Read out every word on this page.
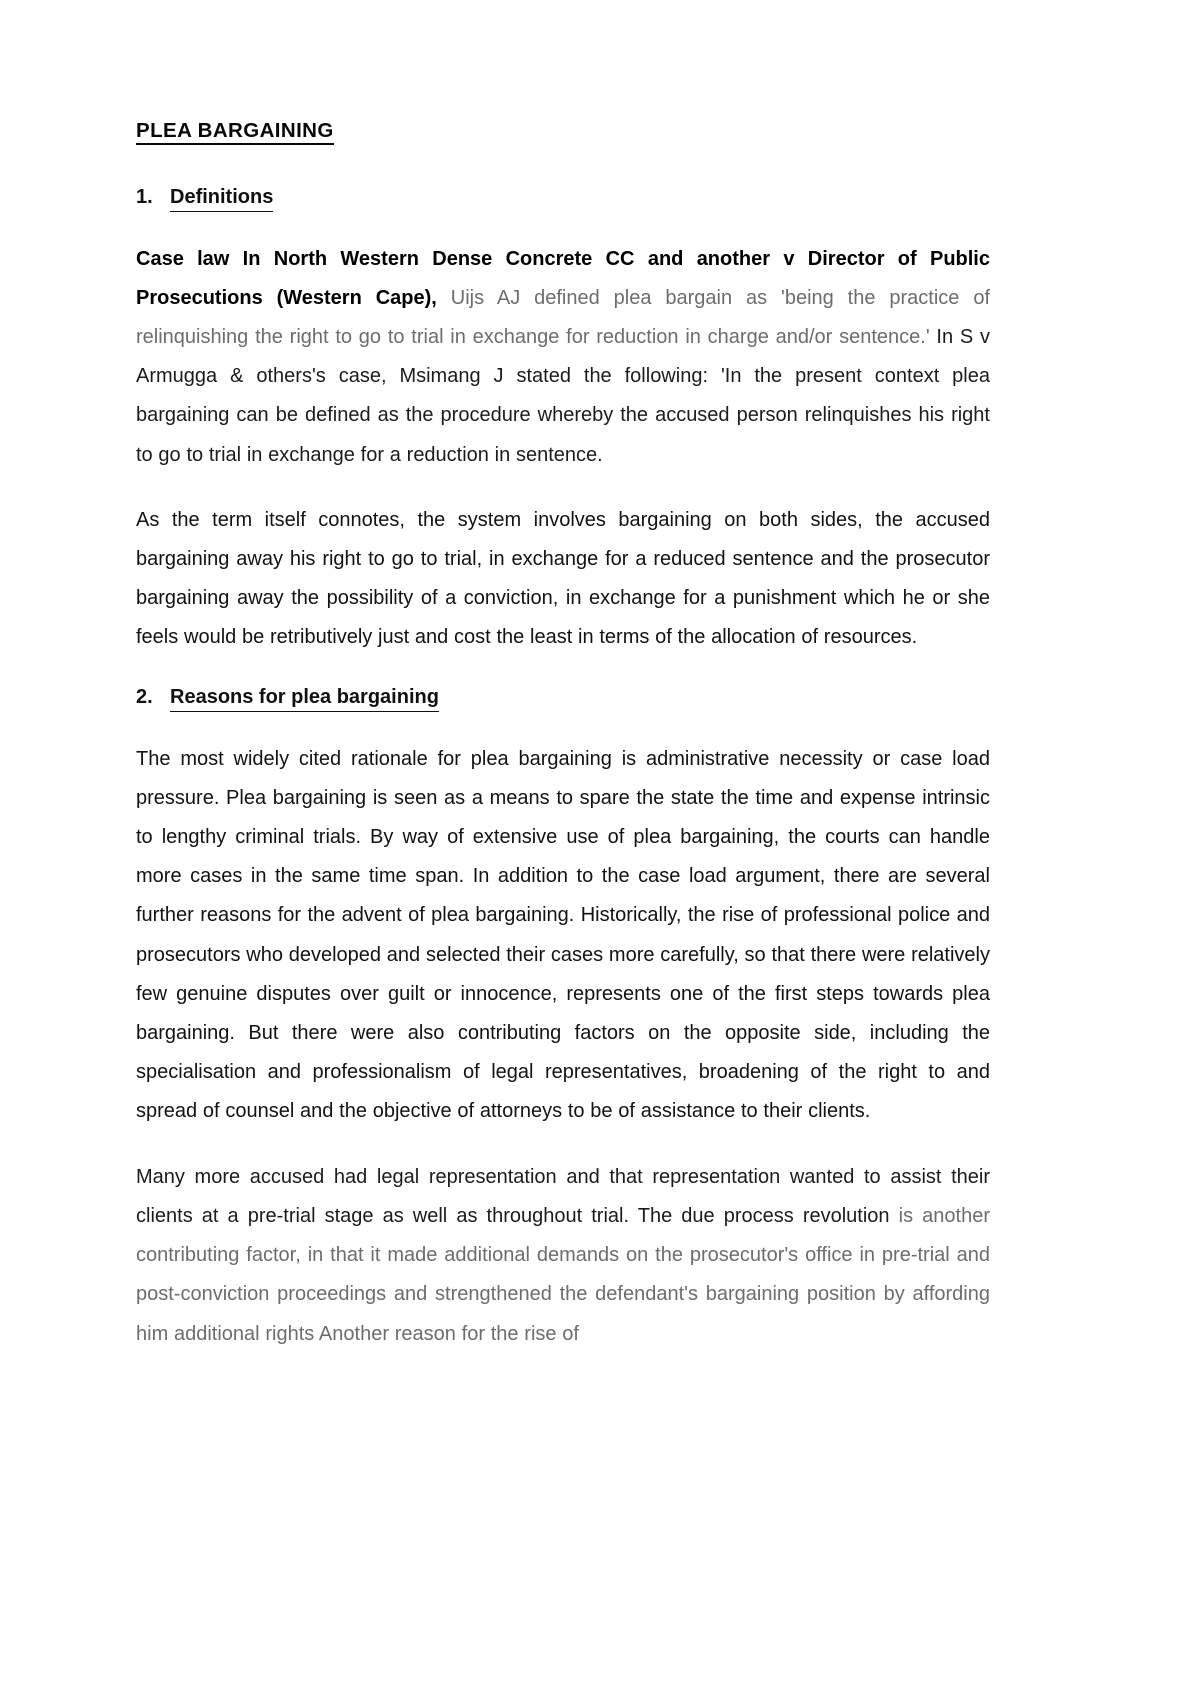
PLEA BARGAINING
1. Definitions

Case law In North Western Dense Concrete CC and another v Director of Public Prosecutions (Western Cape), Uijs AJ defined plea bargain as 'being the practice of relinquishing the right to go to trial in exchange for reduction in charge and/or sentence.' In S v Armugga & others's case, Msimang J stated the following: 'In the present context plea bargaining can be defined as the procedure whereby the accused person relinquishes his right to go to trial in exchange for a reduction in sentence.

As the term itself connotes, the system involves bargaining on both sides, the accused bargaining away his right to go to trial, in exchange for a reduced sentence and the prosecutor bargaining away the possibility of a conviction, in exchange for a punishment which he or she feels would be retributively just and cost the least in terms of the allocation of resources.

2. Reasons for plea bargaining

The most widely cited rationale for plea bargaining is administrative necessity or case load pressure. Plea bargaining is seen as a means to spare the state the time and expense intrinsic to lengthy criminal trials. By way of extensive use of plea bargaining, the courts can handle more cases in the same time span. In addition to the case load argument, there are several further reasons for the advent of plea bargaining. Historically, the rise of professional police and prosecutors who developed and selected their cases more carefully, so that there were relatively few genuine disputes over guilt or innocence, represents one of the first steps towards plea bargaining. But there were also contributing factors on the opposite side, including the specialisation and professionalism of legal representatives, broadening of the right to and spread of counsel and the objective of attorneys to be of assistance to their clients.

Many more accused had legal representation and that representation wanted to assist their clients at a pre-trial stage as well as throughout trial. The due process revolution is another contributing factor, in that it made additional demands on the prosecutor's office in pre-trial and post-conviction proceedings and strengthened the defendant's bargaining position by affording him additional rights Another reason for the rise of
